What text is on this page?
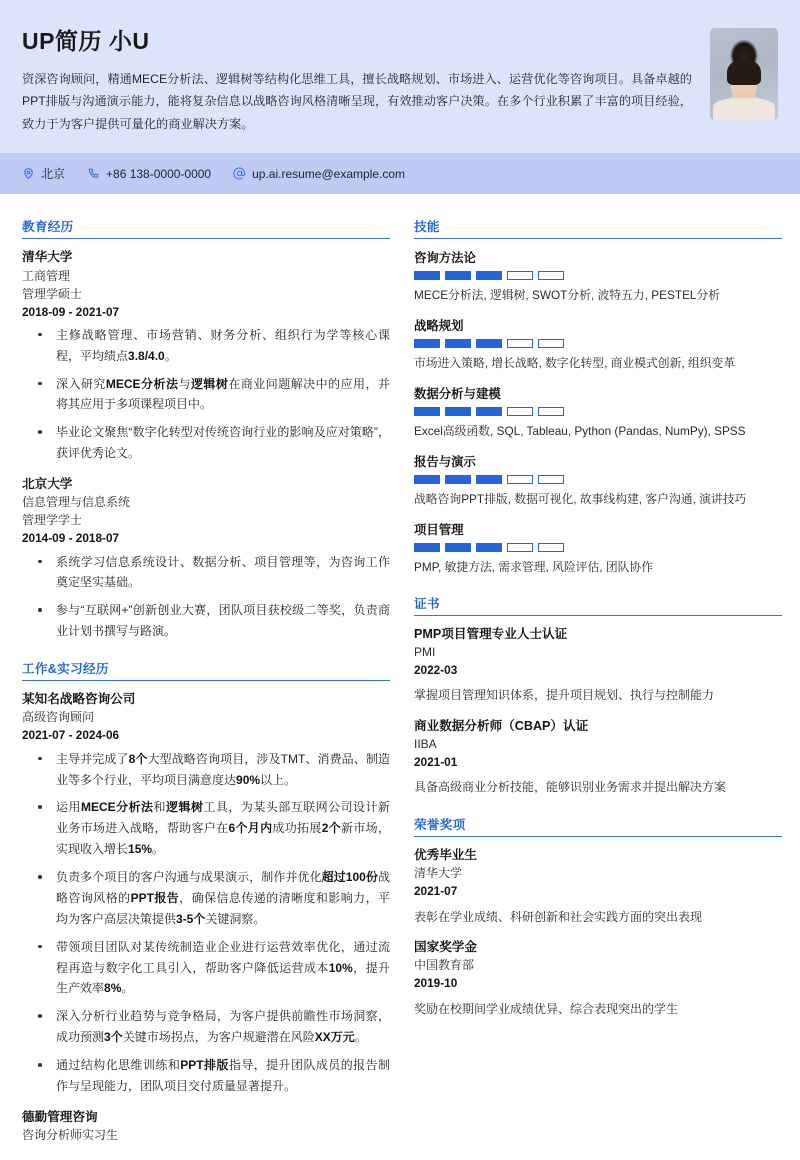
UP简历 小U

资深咨询顾问，精通MECE分析法、逻辑树等结构化思维工具，擅长战略规划、市场进入、运营优化等咨询项目。具备卓越的PPT排版与沟通演示能力，能将复杂信息以战略咨询风格清晰呈现，有效推动客户决策。在多个行业积累了丰富的项目经验，致力于为客户提供可量化的商业解决方案。

北京	+86 138-0000-0000	up.ai.resume@example.com
教育经历
清华大学
工商管理
管理学硕士
2018-09 - 2021-07
主修战略管理、市场营销、财务分析、组织行为学等核心课程，平均绩点3.8/4.0。
深入研究MECE分析法与逻辑树在商业问题解决中的应用，并将其应用于多项课程项目中。
毕业论文聚焦“数字化转型对传统咨询行业的影响及应对策略”，获评优秀论文。
北京大学
信息管理与信息系统
管理学学士
2014-09 - 2018-07
系统学习信息系统设计、数据分析、项目管理等，为咨询工作奠定坚实基础。
参与“互联网+”创新创业大赛，团队项目获校级二等奖，负责商业计划书撰写与路演。
工作&实习经历
某知名战略咨询公司
高级咨询顾问
2021-07 - 2024-06
主导并完成了8个大型战略咨询项目，涉及TMT、消费品、制造业等多个行业，平均项目满意度达90%以上。
运用MECE分析法和逻辑树工具，为某头部互联网公司设计新业务市场进入战略，帮助客户在6个月内成功拓展2个新市场，实现收入增长15%。
负责多个项目的客户沟通与成果演示，制作并优化超过100份战略咨询风格的PPT报告，确保信息传递的清晰度和影响力，平均为客户高层决策提供3-5个关键洞察。
带领项目团队对某传统制造业企业进行运营效率优化，通过流程再造与数字化工具引入，帮助客户降低运营成本10%，提升生产效率8%。
深入分析行业趋势与竞争格局，为客户提供前瞻性市场洞察，成功预测3个关键市场拐点，为客户规避潜在风险XX万元。
通过结构化思维训练和PPT排版指导，提升团队成员的报告制作与呈现能力，团队项目交付质量显著提升。
德勤管理咨询
咨询分析师实习生
技能
咨询方法论
MECE分析法, 逻辑树, SWOT分析, 波特五力, PESTEL分析
战略规划
市场进入策略, 增长战略, 数字化转型, 商业模式创新, 组织变革
数据分析与建模
Excel高级函数, SQL, Tableau, Python (Pandas, NumPy), SPSS
报告与演示
战略咨询PPT排版, 数据可视化, 故事线构建, 客户沟通, 演讲技巧
项目管理
PMP, 敏捷方法, 需求管理, 风险评估, 团队协作
证书
PMP项目管理专业人士认证
PMI
2022-03
掌握项目管理知识体系，提升项目规划、执行与控制能力
商业数据分析师（CBAP）认证
IIBA
2021-01
具备高级商业分析技能，能够识别业务需求并提出解决方案
荣誉奖项
优秀毕业生
清华大学
2021-07
表彰在学业成绩、科研创新和社会实践方面的突出表现
国家奖学金
中国教育部
2019-10
奖励在校期间学业成绩优异、综合表现突出的学生
